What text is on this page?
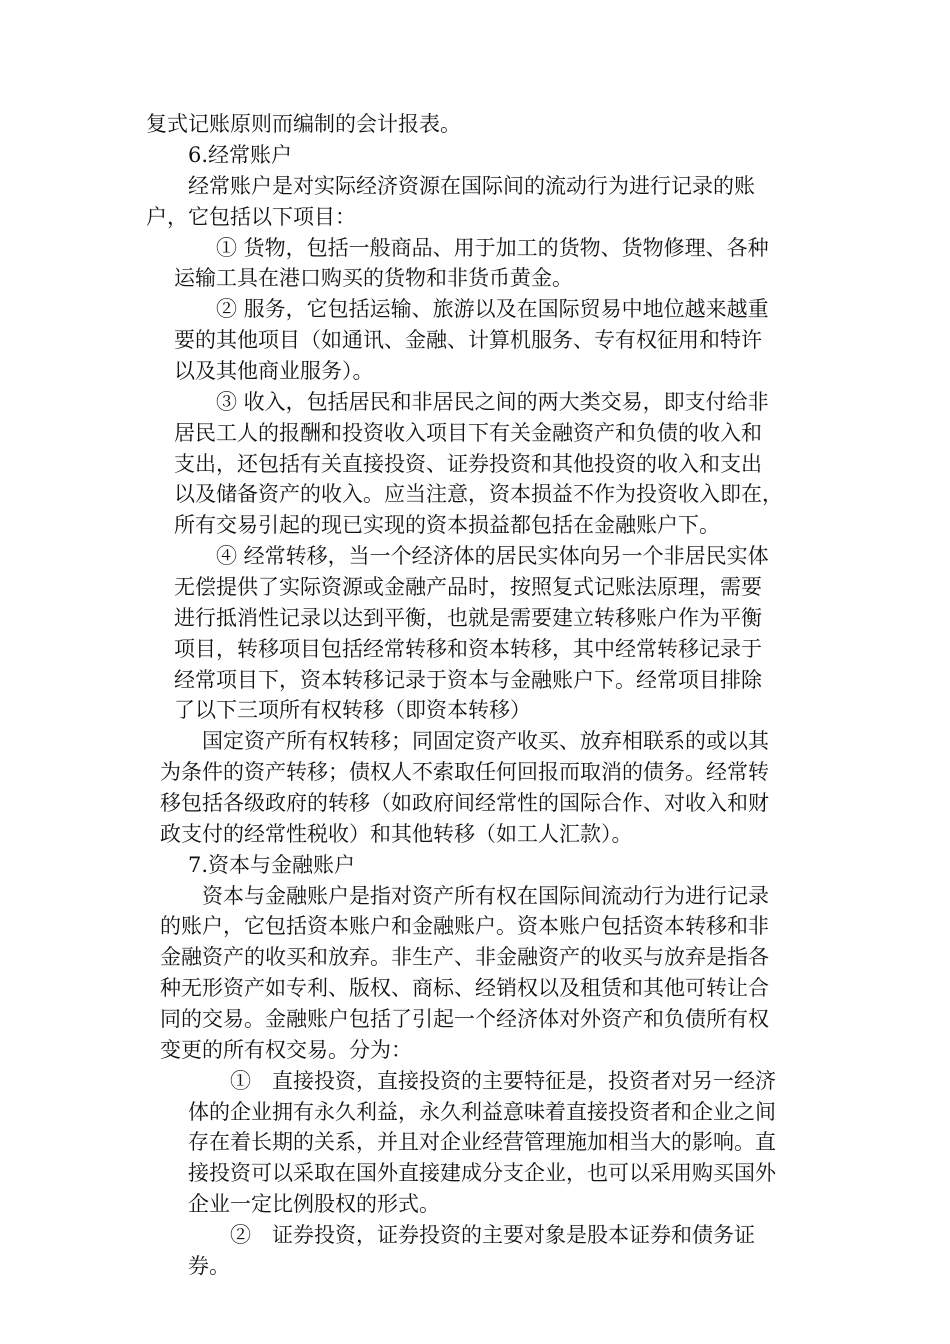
复式记账原则而编制的会计报表。

6.经常账户

经常账户是对实际经济资源在国际间的流动行为进行记录的账

户，它包括以下项目：

① 货物，包括一般商品、用于加工的货物、货物修理、各种

运输工具在港口购买的货物和非货币黄金。

② 服务，它包括运输、旅游以及在国际贸易中地位越来越重

要的其他项目（如通讯、金融、计算机服务、专有权征用和特许

以及其他商业服务）。

③ 收入，包括居民和非居民之间的两大类交易，即支付给非

居民工人的报酬和投资收入项目下有关金融资产和负债的收入和

支出，还包括有关直接投资、证券投资和其他投资的收入和支出

以及储备资产的收入。应当注意，资本损益不作为投资收入即在，

所有交易引起的现已实现的资本损益都包括在金融账户下。

④ 经常转移，当一个经济体的居民实体向另一个非居民实体

无偿提供了实际资源或金融产品时，按照复式记账法原理，需要

进行抵消性记录以达到平衡，也就是需要建立转移账户作为平衡

项目，转移项目包括经常转移和资本转移，其中经常转移记录于

经常项目下，资本转移记录于资本与金融账户下。经常项目排除

了以下三项所有权转移（即资本转移）

国定资产所有权转移；同固定资产收买、放弃相联系的或以其

为条件的资产转移；债权人不索取任何回报而取消的债务。经常转

移包括各级政府的转移（如政府间经常性的国际合作、对收入和财

政支付的经常性税收）和其他转移（如工人汇款）。

7.资本与金融账户

资本与金融账户是指对资产所有权在国际间流动行为进行记录

的账户，它包括资本账户和金融账户。资本账户包括资本转移和非

金融资产的收买和放弃。非生产、非金融资产的收买与放弃是指各

种无形资产如专利、版权、商标、经销权以及租赁和其他可转让合

同的交易。金融账户包括了引起一个经济体对外资产和负债所有权

变更的所有权交易。分为：

①　直接投资，直接投资的主要特征是，投资者对另一经济

体的企业拥有永久利益，永久利益意味着直接投资者和企业之间

存在着长期的关系，并且对企业经营管理施加相当大的影响。直

接投资可以采取在国外直接建成分支企业，也可以采用购买国外

企业一定比例股权的形式。

②　证券投资，证券投资的主要对象是股本证券和债务证

券。
